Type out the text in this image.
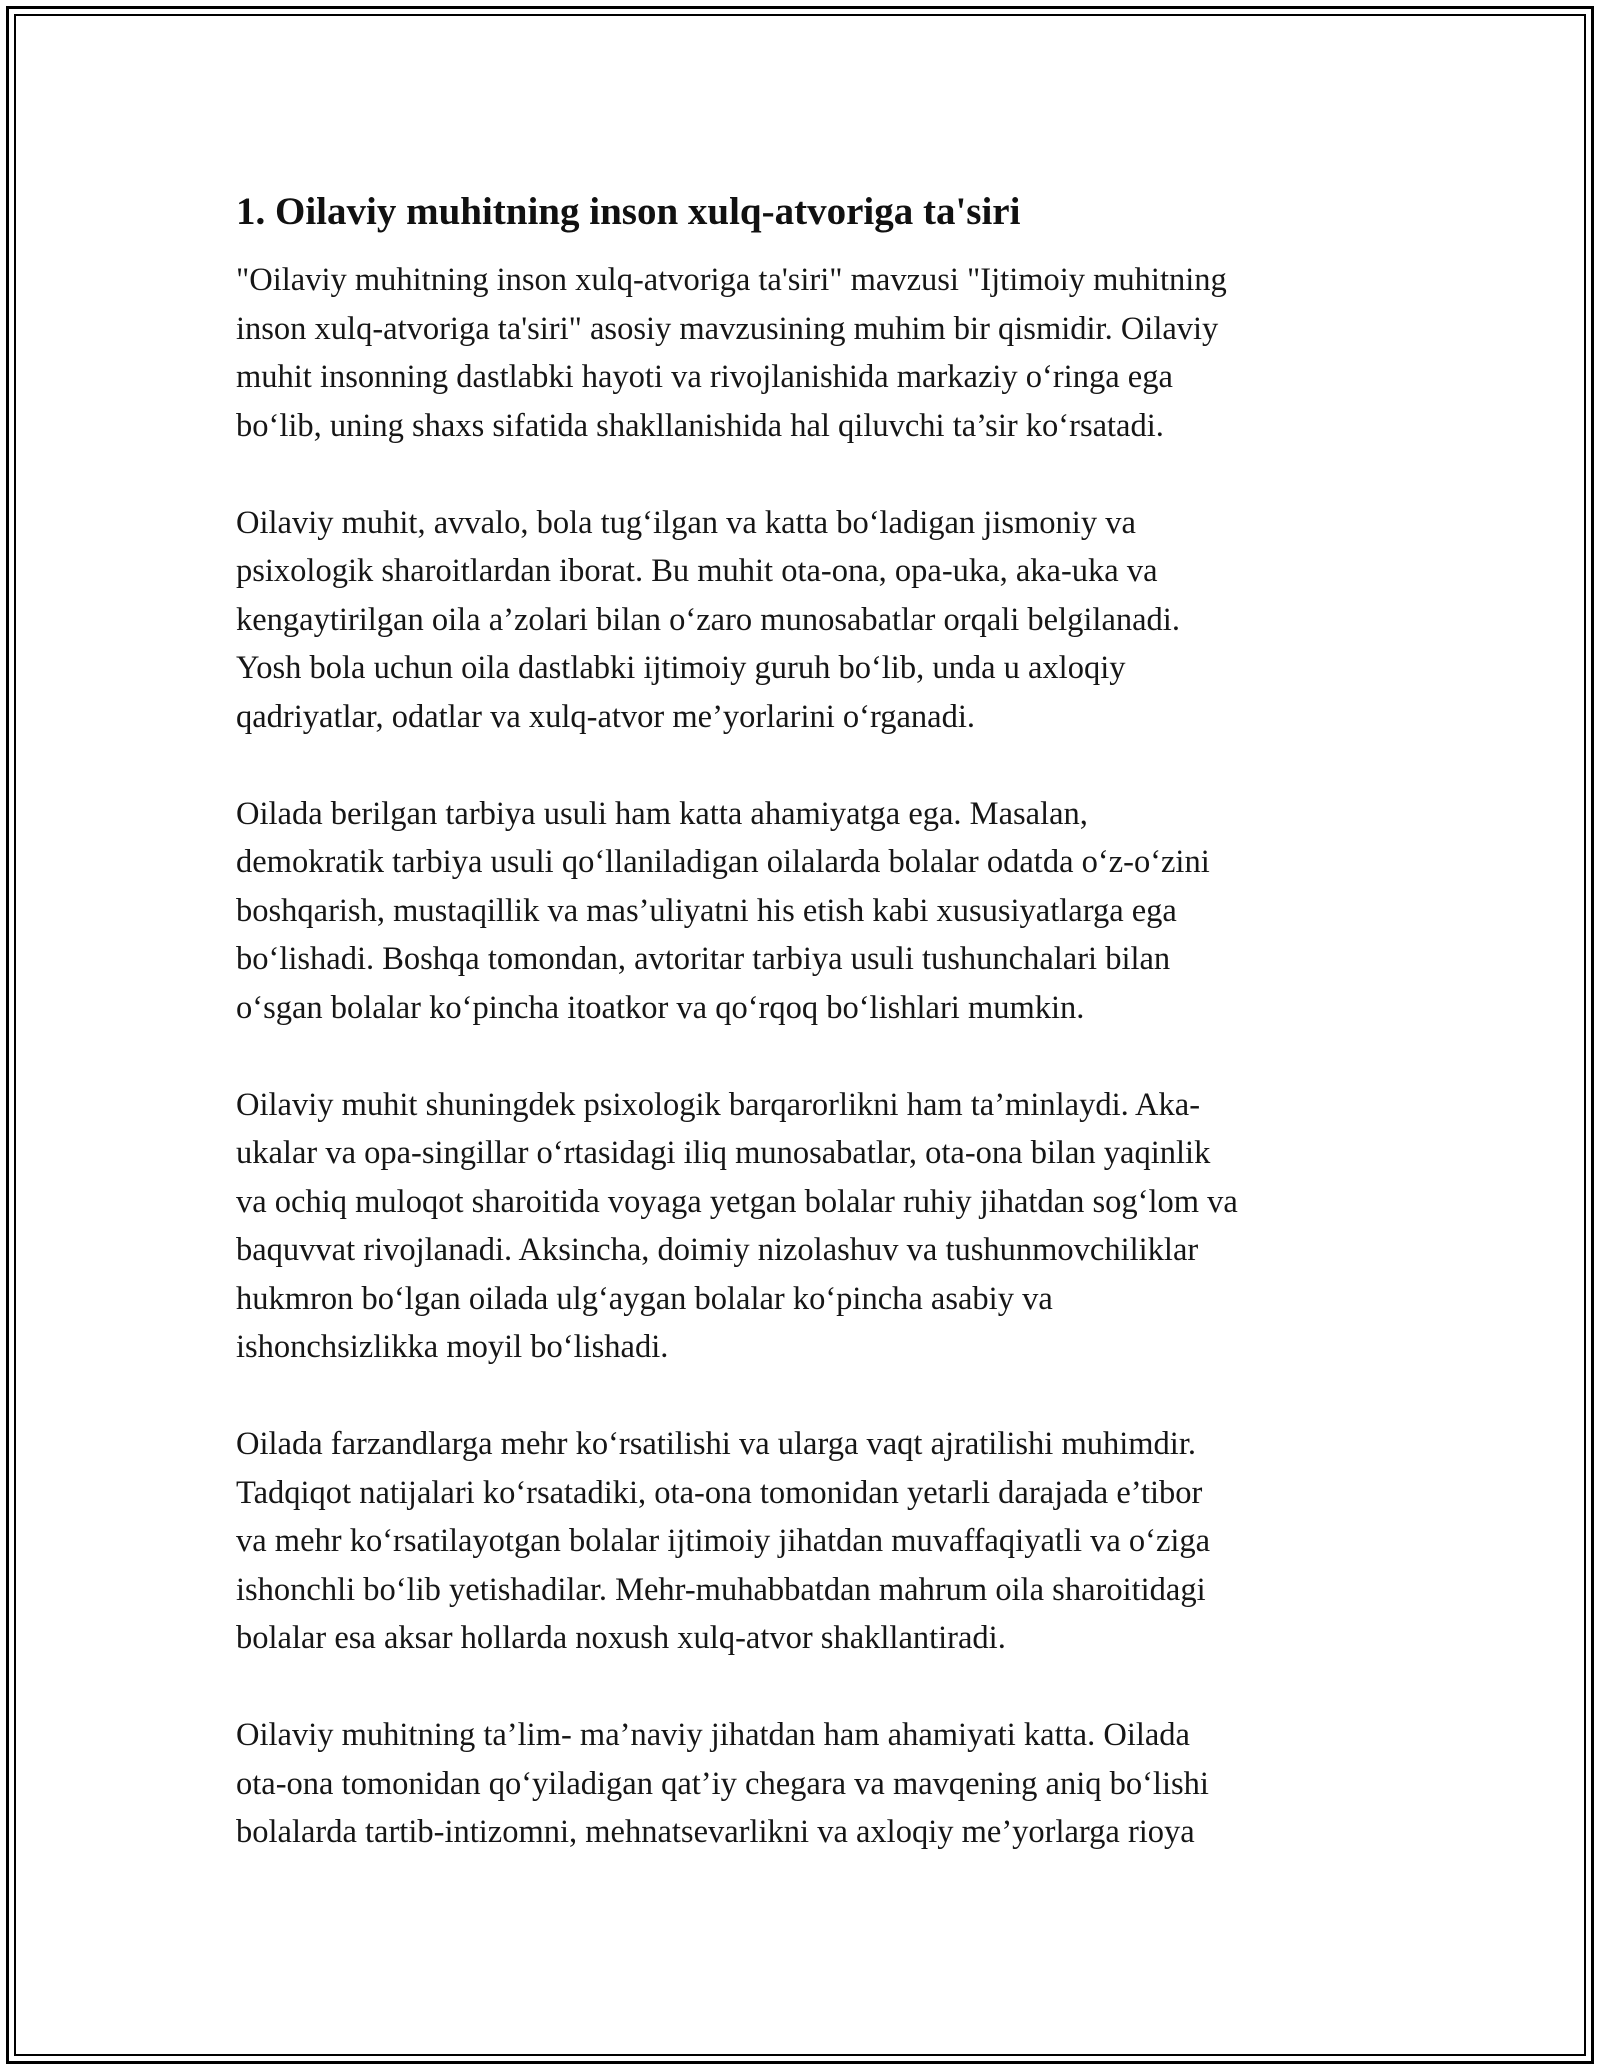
1. Oilaviy muhitning inson xulq-atvoriga ta'siri

"Oilaviy muhitning inson xulq-atvoriga ta'siri" mavzusi "Ijtimoiy muhitning
inson xulq-atvoriga ta'siri" asosiy mavzusining muhim bir qismidir. Oilaviy
muhit insonning dastlabki hayoti va rivojlanishida markaziy o‘ringa ega
bo‘lib, uning shaxs sifatida shakllanishida hal qiluvchi ta’sir ko‘rsatadi.

Oilaviy muhit, avvalo, bola tug‘ilgan va katta bo‘ladigan jismoniy va
psixologik sharoitlardan iborat. Bu muhit ota-ona, opa-uka, aka-uka va
kengaytirilgan oila a’zolari bilan o‘zaro munosabatlar orqali belgilanadi.
Yosh bola uchun oila dastlabki ijtimoiy guruh bo‘lib, unda u axloqiy
qadriyatlar, odatlar va xulq-atvor me’yorlarini o‘rganadi.

Oilada berilgan tarbiya usuli ham katta ahamiyatga ega. Masalan,
demokratik tarbiya usuli qo‘llaniladigan oilalarda bolalar odatda o‘z-o‘zini
boshqarish, mustaqillik va mas’uliyatni his etish kabi xususiyatlarga ega
bo‘lishadi. Boshqa tomondan, avtoritar tarbiya usuli tushunchalari bilan
o‘sgan bolalar ko‘pincha itoatkor va qo‘rqoq bo‘lishlari mumkin.

Oilaviy muhit shuningdek psixologik barqarorlikni ham ta’minlaydi. Aka-
ukalar va opa-singillar o‘rtasidagi iliq munosabatlar, ota-ona bilan yaqinlik
va ochiq muloqot sharoitida voyaga yetgan bolalar ruhiy jihatdan sog‘lom va
baquvvat rivojlanadi. Aksincha, doimiy nizolashuv va tushunmovchiliklar
hukmron bo‘lgan oilada ulg‘aygan bolalar ko‘pincha asabiy va
ishonchsizlikka moyil bo‘lishadi.

Oilada farzandlarga mehr ko‘rsatilishi va ularga vaqt ajratilishi muhimdir.
Tadqiqot natijalari ko‘rsatadiki, ota-ona tomonidan yetarli darajada e’tibor
va mehr ko‘rsatilayotgan bolalar ijtimoiy jihatdan muvaffaqiyatli va o‘ziga
ishonchli bo‘lib yetishadilar. Mehr-muhabbatdan mahrum oila sharoitidagi
bolalar esa aksar hollarda noxush xulq-atvor shakllantiradi.

Oilaviy muhitning ta’lim- ma’naviy jihatdan ham ahamiyati katta. Oilada
ota-ona tomonidan qo‘yiladigan qat’iy chegara va mavqening aniq bo‘lishi
bolalarda tartib-intizomni, mehnatsevarlikni va axloqiy me’yorlarga rioya
